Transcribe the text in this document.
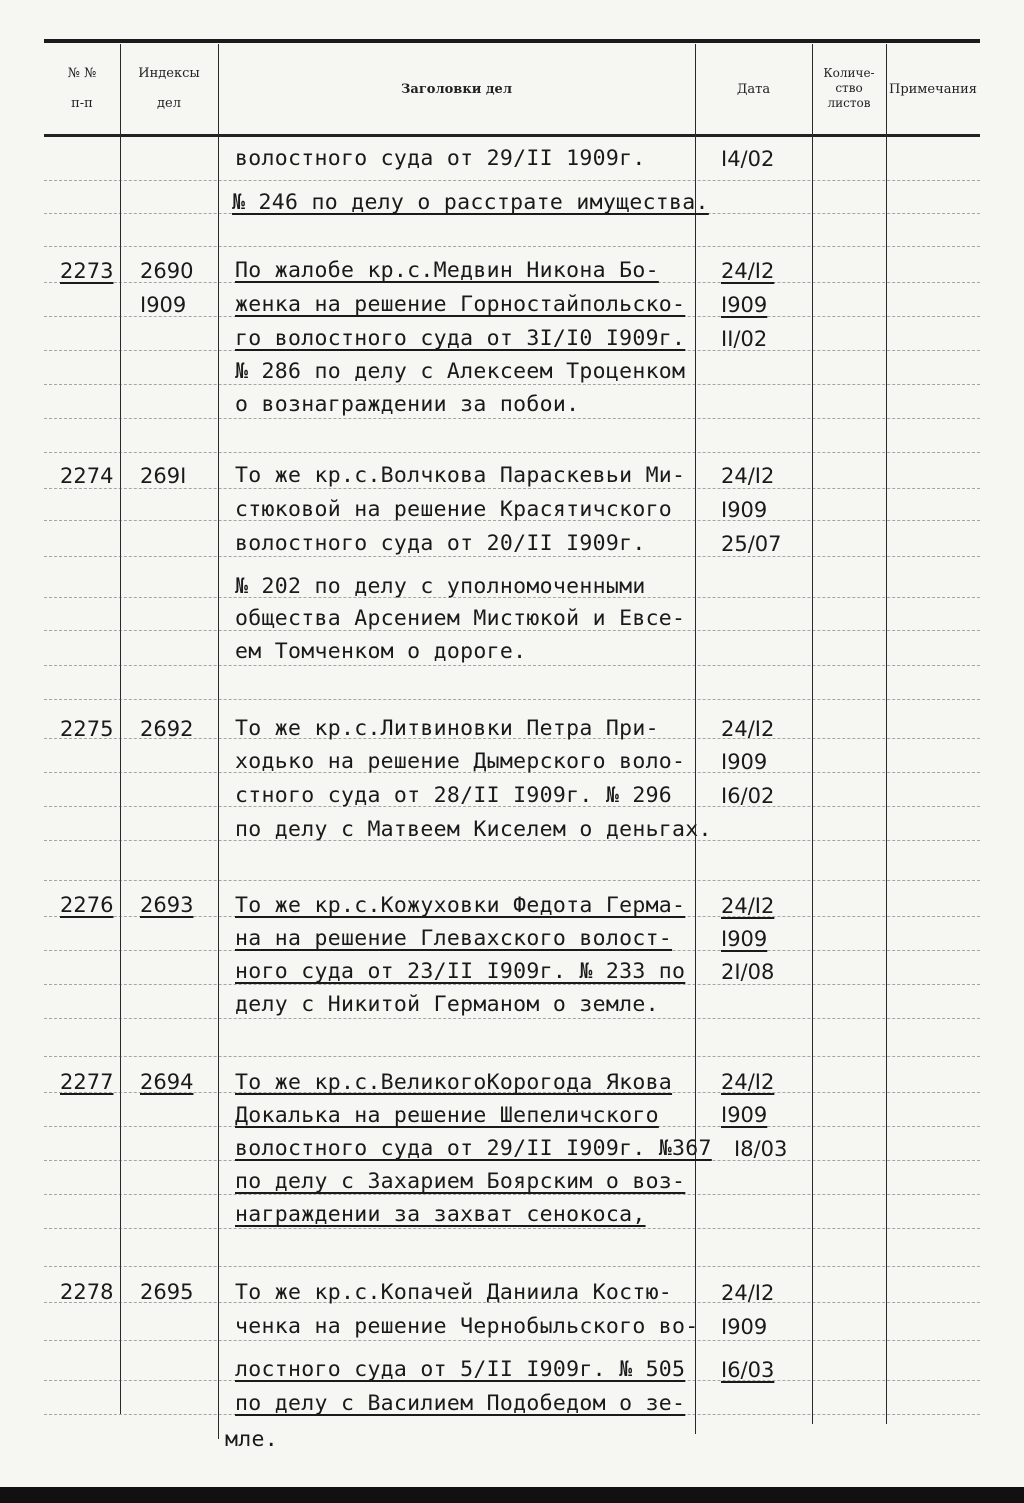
№ №
п-п
Индексы
дел
Заголовки дел	Дата
Количе-
ство
листов
Примечания
волостного суда от 29/II 1909г.
№ 246 по делу о расстрате имущества.
I4/02
2273 2690
I909
По жалобе кр.с.Медвин Никона Бо-
женка на решение Горностайпольско-
го волостного суда от 3I/I0 I909г.
№ 286 по делу с Алексеем Троценком
о вознаграждении за побои.
24/I2
I909
II/02
2274 269I То же кр.с.Волчкова Параскевьи Ми-
стюковой на решение Красятичского
волостного суда от 20/II I909г.
№ 202 по делу с уполномоченными
общества Арсением Мистюкой и Евсе-
ем Томченком о дороге.
24/I2
I909
25/07
2275 2692 То же кр.с.Литвиновки Петра При-
ходько на решение Дымерского воло-
стного суда от 28/II I909г. № 296
по делу с Матвеем Киселем о деньгах.
24/I2
I909
I6/02
2276 2693 То же кр.с.Кожуховки Федота Герма-
на на решение Глевахского волост-
ного суда от 23/II I909г. № 233 по
делу с Никитой Германом о земле.
24/I2
I909
2I/08
2277 2694 То же кр.с.ВеликогоКорогода Якова
Докалька на решение Шепеличского
волостного суда от 29/II I909г. №367
по делу с Захарием Боярским о воз-
награждении за захват сенокоса,
24/I2
I909
I8/03
2278 2695 То же кр.с.Копачей Даниила Костю-
ченка на решение Чернобыльского во-
лостного суда от 5/II I909г. № 505
по делу с Василием Подобедом о зе-
мле.
24/I2
I909
I6/03
